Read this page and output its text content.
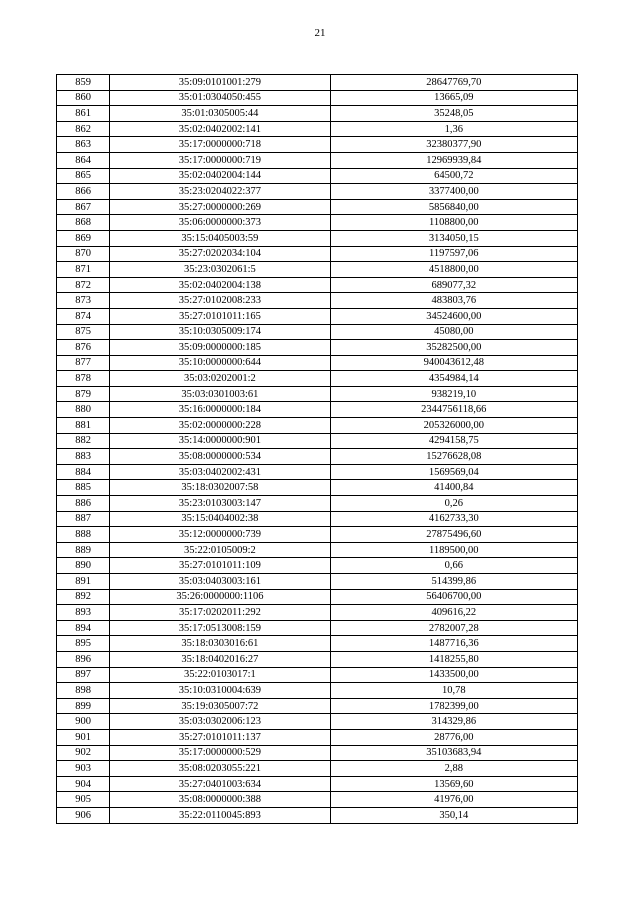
21
859	35:09:0101001:279	28647769,70
860	35:01:0304050:455	13665,09
861	35:01:0305005:44	35248,05
862	35:02:0402002:141	1,36
863	35:17:0000000:718	32380377,90
864	35:17:0000000:719	12969939,84
865	35:02:0402004:144	64500,72
866	35:23:0204022:377	3377400,00
867	35:27:0000000:269	5856840,00
868	35:06:0000000:373	1108800,00
869	35:15:0405003:59	3134050,15
870	35:27:0202034:104	1197597,06
871	35:23:0302061:5	4518800,00
872	35:02:0402004:138	689077,32
873	35:27:0102008:233	483803,76
874	35:27:0101011:165	34524600,00
875	35:10:0305009:174	45080,00
876	35:09:0000000:185	35282500,00
877	35:10:0000000:644	940043612,48
878	35:03:0202001:2	4354984,14
879	35:03:0301003:61	938219,10
880	35:16:0000000:184	2344756118,66
881	35:02:0000000:228	205326000,00
882	35:14:0000000:901	4294158,75
883	35:08:0000000:534	15276628,08
884	35:03:0402002:431	1569569,04
885	35:18:0302007:58	41400,84
886	35:23:0103003:147	0,26
887	35:15:0404002:38	4162733,30
888	35:12:0000000:739	27875496,60
889	35:22:0105009:2	1189500,00
890	35:27:0101011:109	0,66
891	35:03:0403003:161	514399,86
892	35:26:0000000:1106	56406700,00
893	35:17:0202011:292	409616,22
894	35:17:0513008:159	2782007,28
895	35:18:0303016:61	1487716,36
896	35:18:0402016:27	1418255,80
897	35:22:0103017:1	1433500,00
898	35:10:0310004:639	10,78
899	35:19:0305007:72	1782399,00
900	35:03:0302006:123	314329,86
901	35:27:0101011:137	28776,00
902	35:17:0000000:529	35103683,94
903	35:08:0203055:221	2,88
904	35:27:0401003:634	13569,60
905	35:08:0000000:388	41976,00
906	35:22:0110045:893	350,14
